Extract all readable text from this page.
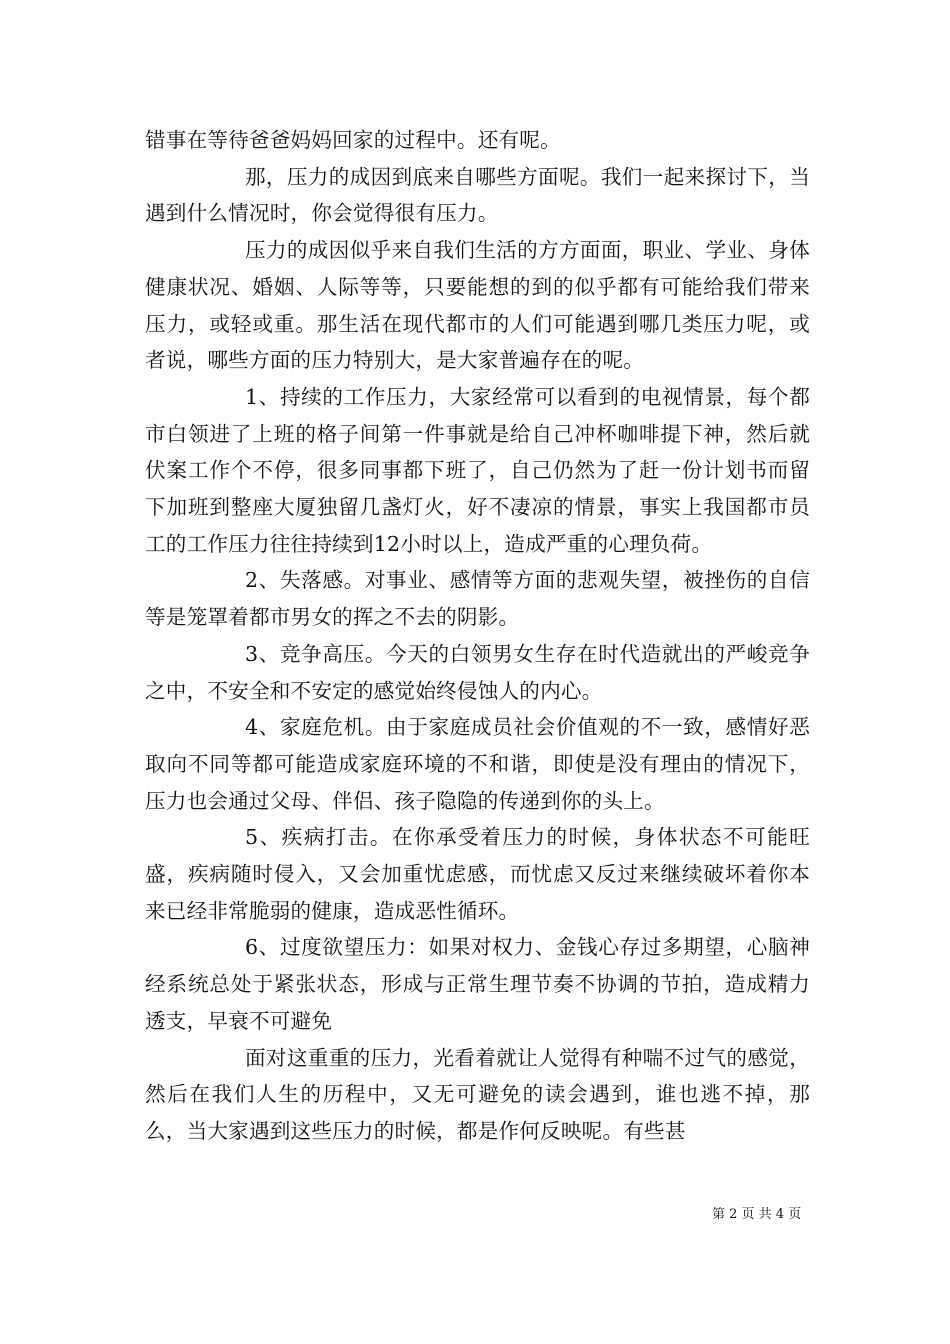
错事在等待爸爸妈妈回家的过程中。还有呢。

那，压力的成因到底来自哪些方面呢。我们一起来探讨下，当遇到什么情况时，你会觉得很有压力。

压力的成因似乎来自我们生活的方方面面，职业、学业、身体健康状况、婚姻、人际等等，只要能想的到的似乎都有可能给我们带来压力，或轻或重。那生活在现代都市的人们可能遇到哪几类压力呢，或者说，哪些方面的压力特别大，是大家普遍存在的呢。

1、持续的工作压力，大家经常可以看到的电视情景，每个都市白领进了上班的格子间第一件事就是给自己冲杯咖啡提下神，然后就伏案工作个不停，很多同事都下班了，自己仍然为了赶一份计划书而留下加班到整座大厦独留几盏灯火，好不凄凉的情景，事实上我国都市员工的工作压力往往持续到12小时以上，造成严重的心理负荷。

2、失落感。对事业、感情等方面的悲观失望，被挫伤的自信等是笼罩着都市男女的挥之不去的阴影。

3、竞争高压。今天的白领男女生存在时代造就出的严峻竞争之中，不安全和不安定的感觉始终侵蚀人的内心。

4、家庭危机。由于家庭成员社会价值观的不一致，感情好恶取向不同等都可能造成家庭环境的不和谐，即使是没有理由的情况下，压力也会通过父母、伴侣、孩子隐隐的传递到你的头上。

5、疾病打击。在你承受着压力的时候，身体状态不可能旺盛，疾病随时侵入，又会加重忧虑感，而忧虑又反过来继续破坏着你本来已经非常脆弱的健康，造成恶性循环。

6、过度欲望压力：如果对权力、金钱心存过多期望，心脑神经系统总处于紧张状态，形成与正常生理节奏不协调的节拍，造成精力透支，早衰不可避免

面对这重重的压力，光看着就让人觉得有种喘不过气的感觉，然后在我们人生的历程中，又无可避免的读会遇到，谁也逃不掉，那么，当大家遇到这些压力的时候，都是作何反映呢。有些甚

第 2 页 共 4 页
